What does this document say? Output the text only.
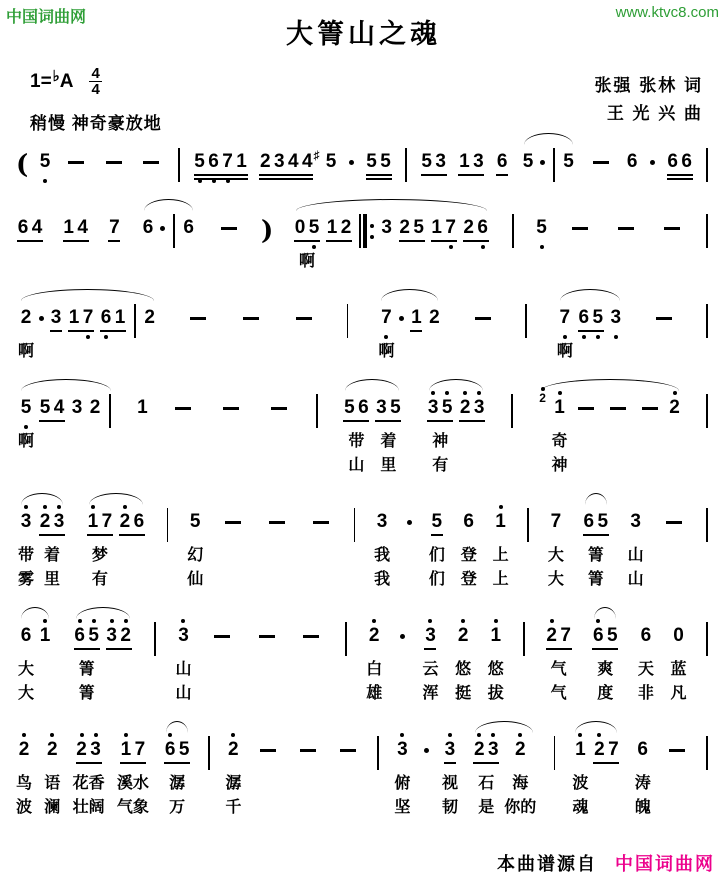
中国词曲网	www.ktvc8.com
大箐山之魂
1= ♭ A $\frac{4}{4}$
稍慢 神奇豪放地
张强 张林 词
王 光 兴 曲
( 5	5 6 7 1 2 3 4 4 ♯ 5 5 5 5 3 1 3 6 5 5	6 6 6
6 4 1 4 7 6 6	) 0 5
啊
1 2 3 2 5 1 7 2 6	5
2
啊
3 1 7 6 1 2	7
啊
1 2	7
啊
6 5 3
5
啊
5 4 3 2 1	5 6
带
山
3 5
着
里
3 5
神
有
2 3	2 1
奇
神
2
3
带
雾
2 3
着
里
1 7
梦
有
2 6 5
幻
仙
3
我
我
5
们
们
6
登
登
1
上
上
7
大
大
6 5
箐
箐
3
山
山
6
大
大
1 6 5
箐
箐
3 2 3
山
山
2
白
雄
3
云
浑
2
悠
挺
1
悠
拔
2 7
气
气
6 5
爽
度
6
天
非
0
蓝
凡
2
鸟
波
2
语
澜
2 3
花香
壮阔
1 7
溪水
气象
6 5
潺
万
2
潺
千
3
俯
坚
3
视
韧
2 3
石
是
2
海
你的
1
波
魂
2 7 6
涛
魄
本曲谱源自 中国词曲网
